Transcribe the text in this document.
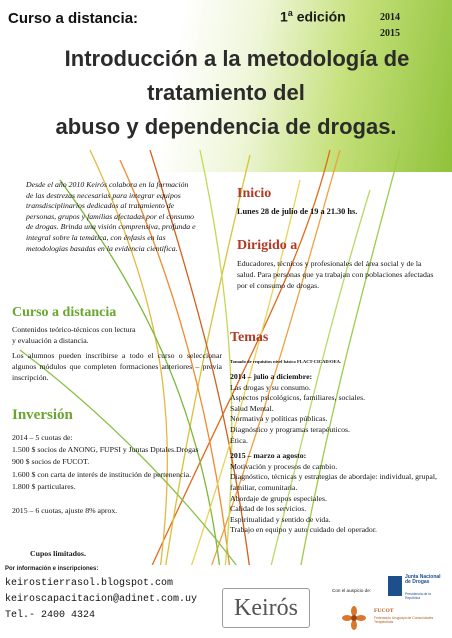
Curso a distancia:	1$^a$ edición	2014
2015
Introducción a la metodología de
tratamiento del
abuso y dependencia de drogas.
Desde el año 2010 Keirós colabora en la formación de las destrezas necesarias para integrar equipos transdisciplinarios dedicados al tratamiento de personas, grupos y familias afectadas por el consumo de drogas. Brinda una visión comprensiva, profunda e integral sobre la temática, con énfasis en las metodologías basadas en la evidencia científica.
Inicio
Lunes 28 de julio de 19 a 21.30 hs.
Dirigido a
Educadores, técnicos y profesionales del área social y de la salud. Para personas que ya trabajan con poblaciones afectadas por el consumo de drogas.
Curso a distancia

Contenidos teórico-técnicos con lectura
y evaluación a distancia.

Los alumnos pueden inscribirse a todo el curso o seleccionar algunos módulos que completen formaciones anteriores – previa inscripción.

Temas
Tomado de requisitos nivel básico FLACT-CICAD/OEA.
2014 – julio a diciembre:
Las drogas y su consumo.
Aspectos psicológicos, familiares, sociales.
Salud Mental.
Normativa y políticas públicas.
Diagnóstico y programas terapéuticos.
Ética.
2015 – marzo a agosto:
Motivación y procesos de cambio.
Diagnóstico, técnicas y estrategias de abordaje: individual, grupal, familiar, comunitaria.
Abordaje de grupos especiales.
Calidad de los servicios.
Espiritualidad y sentido de vida.
Trabajo en equipo y auto cuidado del operador.
Inversión
2014 – 5 cuotas de:
1.500 $ socios de ANONG, FUPSI y Juntas Dptales.Drogas
900 $ socios de FUCOT.
1.600 $ con carta de interés de institución de pertenencia.
1.800 $ particulares.
2015 – 6 cuotas, ajuste 8% aprox.
Cupos limitados.
Por información e inscripciones:
keirostierrasol.blogspot.com
keiroscapacitacion@adinet.com.uy
Tel.- 2400 4324	Keirós
Con el auspicio de:
Junta Nacional de Drogas
Presidencia de la República
FUCOT
Federación Uruguaya de Comunidades Terapéuticas
